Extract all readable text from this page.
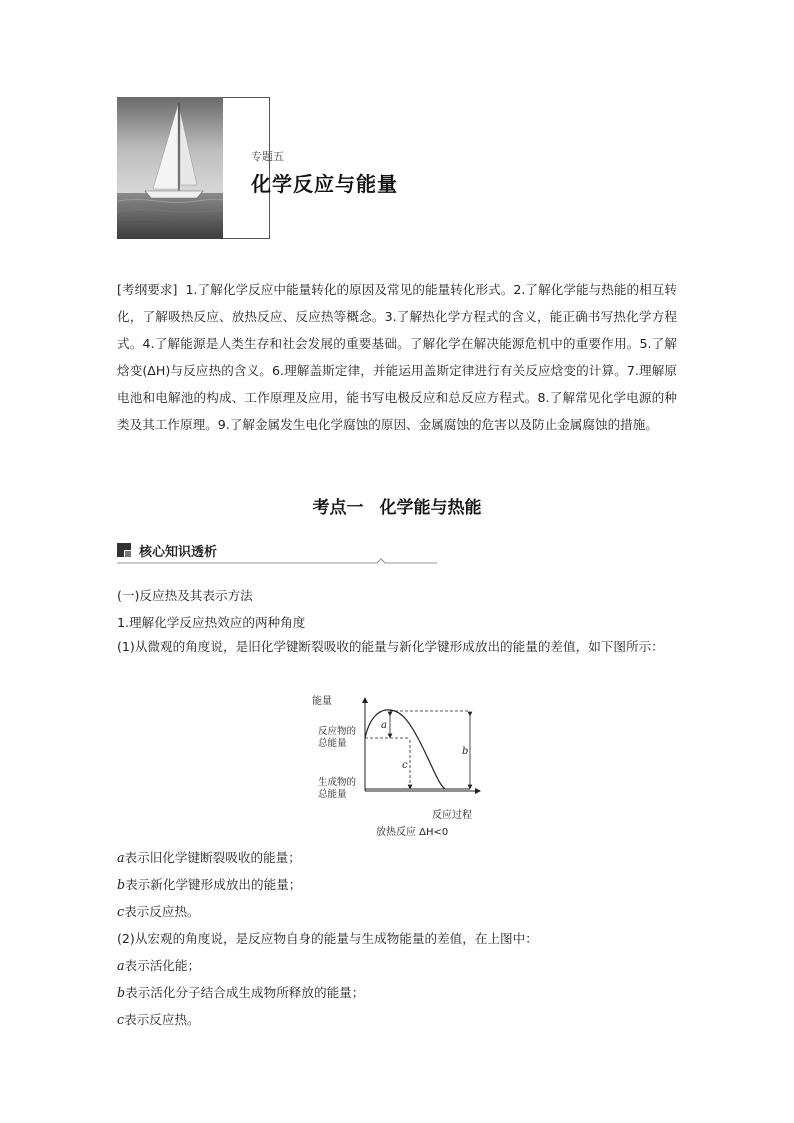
专题五
化学反应与能量
[考纲要求] 1.了解化学反应中能量转化的原因及常见的能量转化形式。2.了解化学能与热能的相互转化，了解吸热反应、放热反应、反应热等概念。3.了解热化学方程式的含义，能正确书写热化学方程式。4.了解能源是人类生存和社会发展的重要基础。了解化学在解决能源危机中的重要作用。5.了解焓变(ΔH)与反应热的含义。6.理解盖斯定律，并能运用盖斯定律进行有关反应焓变的计算。7.理解原电池和电解池的构成、工作原理及应用，能书写电极反应和总反应方程式。8.了解常见化学电源的种类及其工作原理。9.了解金属发生电化学腐蚀的原因、金属腐蚀的危害以及防止金属腐蚀的措施。
考点一 化学能与热能
核心知识透析
(一)反应热及其表示方法
1.理解化学反应热效应的两种角度
(1)从微观的角度说，是旧化学键断裂吸收的能量与新化学键形成放出的能量的差值，如下图所示：
能量
反应过程
a
b
c
反应物的总能量
生成物的总能量
放热反应 ΔH<0
a表示旧化学键断裂吸收的能量；
b表示新化学键形成放出的能量；
c表示反应热。
(2)从宏观的角度说，是反应物自身的能量与生成物能量的差值，在上图中：
a表示活化能；
b表示活化分子结合成生成物所释放的能量；
c表示反应热。
